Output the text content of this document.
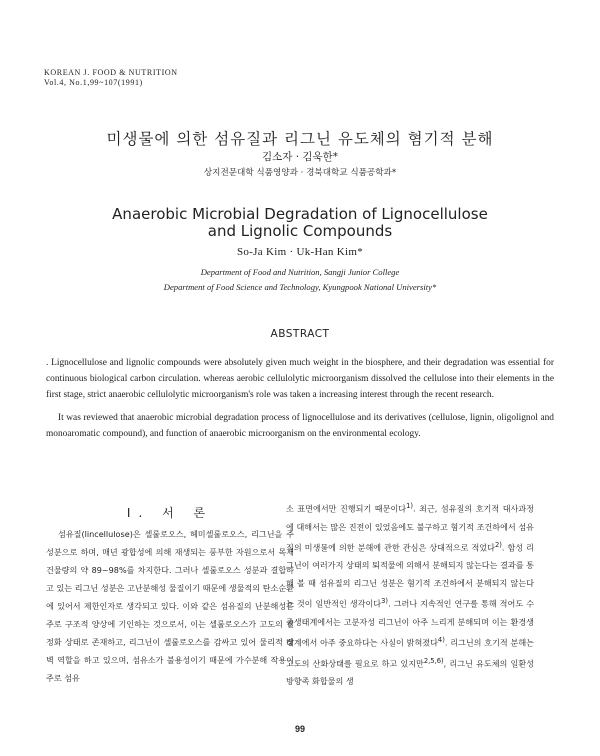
KOREAN J. FOOD & NUTRITION
Vol.4, No.1,99~107(1991)
미생물에 의한 섬유질과 리그닌 유도체의 혐기적 분해
김소자 · 김욱한*
상지전문대학 식품영양과 · 경북대학교 식품공학과*
Anaerobic Microbial Degradation of Lignocellulose
and Lignolic Compounds
So-Ja Kim · Uk-Han Kim*
Department of Food and Nutrition, Sangji Junior College
Department of Food Science and Technology, Kyungpook National University*
ABSTRACT

. Lignocellulose and lignolic compounds were absolutely given much weight in the biosphere, and their degradation was essential for continuous biological carbon circulation. whereas aerobic cellulolytic microorganism dissolved the cellulose into their elements in the first stage, strict anaerobic cellulolytic microorganism's role was taken a increasing interest through the recent research.

It was reviewed that anaerobic microbial degradation process of lignocellulose and its derivatives (cellulose, lignin, oligolignol and monoaromatic compound), and function of anaerobic microorganism on the environmental ecology.

I. 서 론

섬유질(lincellulose)은 셀룰로오스, 헤미셀룰로오스, 리그닌을 주성분으로 하며, 매년 광합성에 의해 재생되는 풍부한 자원으로서 목재 건물량의 약 89~98%를 차지한다. 그러나 셀룰로오스 성분과 결합하고 있는 리그닌 성분은 고난분해성 물질이기 때문에 생물적의 탄소순환에 있어서 제한인자로 생각되고 있다. 이와 같은 섬유질의 난분해성은 주로 구조적 양상에 기인하는 것으로서, 이는 셀룰로오스가 고도의 결정화 상태로 존재하고, 리그닌이 셀룰로오스를 감싸고 있어 물리적 장벽 역할을 하고 있으며, 섬유소가 불용성이기 때문에 가수분해 작용이 주로 섬유

소 표면에서만 진행되기 때문이다$^{1)}$. 최근, 섬유질의 호기적 대사과정에 대해서는 많은 진전이 있었음에도 불구하고 혐기적 조건하에서 섬유질의 미생물에 의한 분해에 관한 관심은 상대적으로 적었다$^{2)}$. 합성 리그닌이 여러가지 상태의 퇴적물에 의해서 분해되지 않는다는 결과를 통해 볼 때 섬유질의 리그닌 성분은 혐기적 조건하에서 분해되지 않는다는 것이 일반적인 생각이다$^{3)}$. 그러나 지속적인 연구를 통해 적어도 수중생태계에서는 고분자성 리그닌이 아주 느리게 분해되며 이는 환경생태계에서 아주 중요하다는 사실이 밝혀졌다$^{4)}$. 리그닌의 호기적 분해는 고도의 산화상태를 필요로 하고 있지만$^{2,5,6)}$, 리그닌 유도체의 일환성 방향족 화합물의 생

99
